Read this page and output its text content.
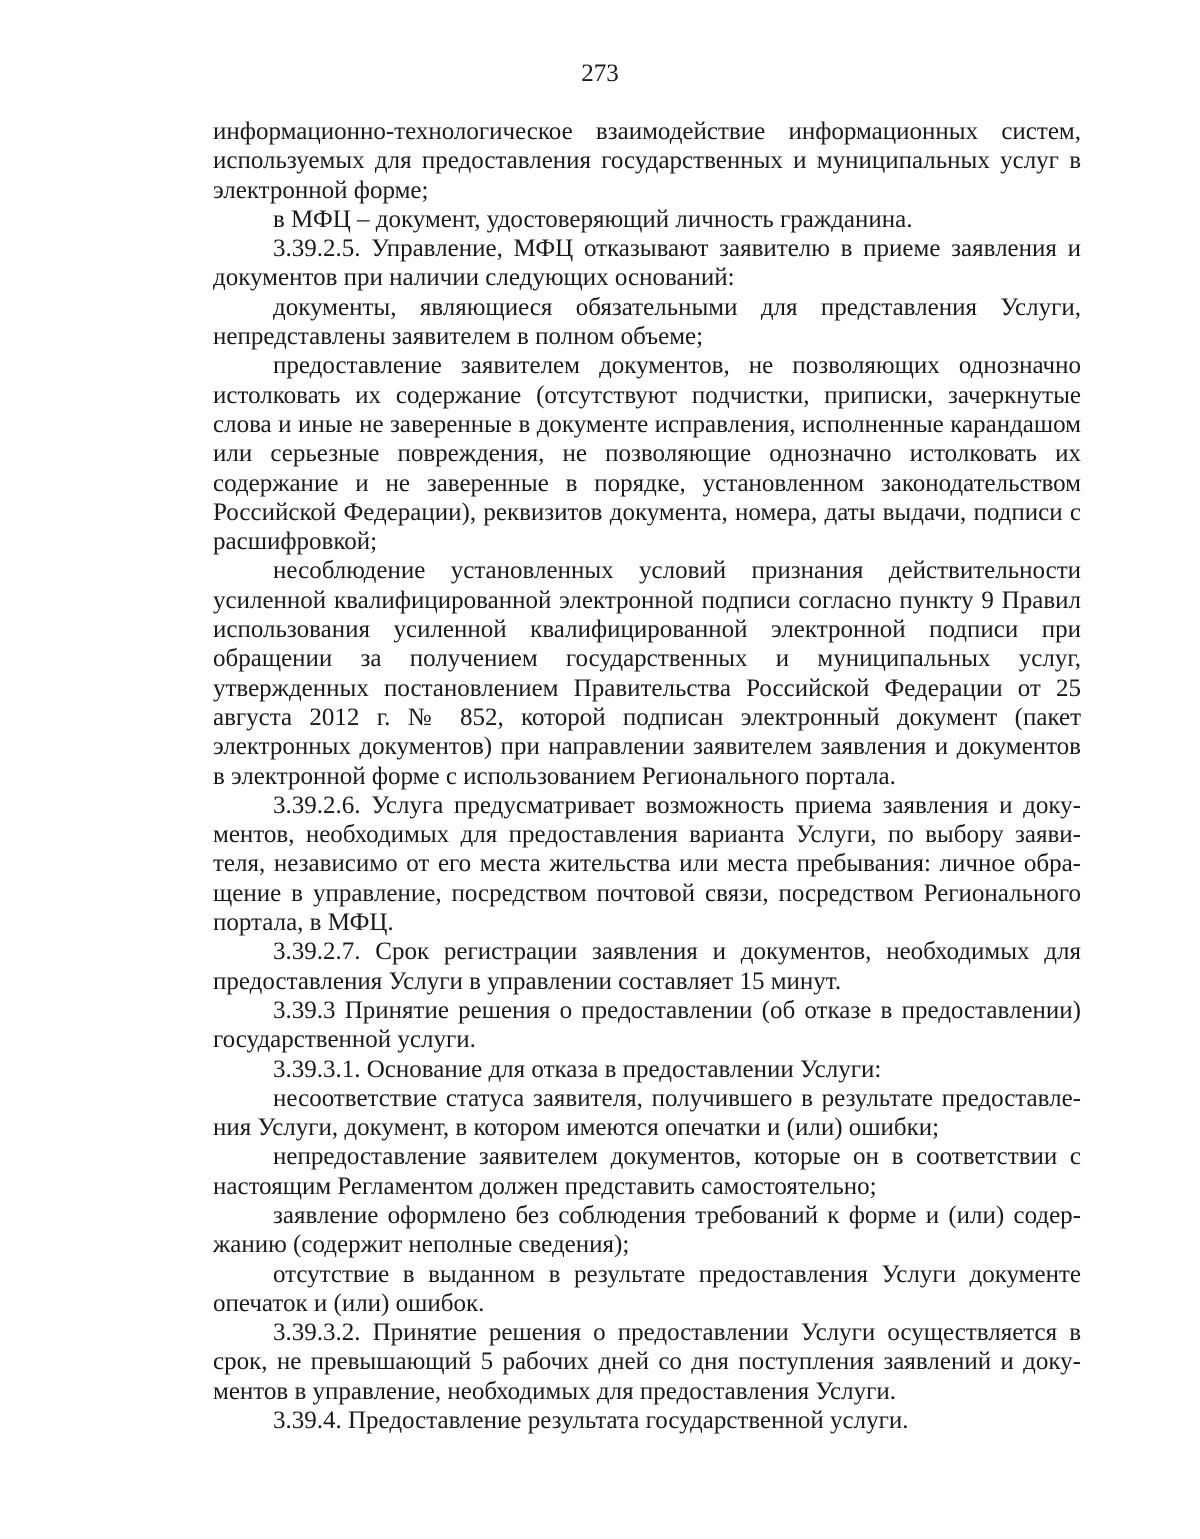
273

информационно-технологическое взаимодействие информационных систем, используемых для предоставления государственных и муниципальных услуг в электронной форме;

в МФЦ – документ, удостоверяющий личность гражданина.

3.39.2.5. Управление, МФЦ отказывают заявителю в приеме заявления и документов при наличии следующих оснований:

документы, являющиеся обязательными для представления Услуги, непредставлены заявителем в полном объеме;

предоставление заявителем документов, не позволяющих однозначно истолковать их содержание (отсутствуют подчистки, приписки, зачеркнутые слова и иные не заверенные в документе исправления, исполненные карандашом или серьезные повреждения, не позволяющие однозначно истолковать их содержание и не заверенные в порядке, установленном законодательством Российской Федерации), реквизитов документа, номера, даты выдачи, подписи с расшифровкой;

несоблюдение установленных условий признания действительности усиленной квалифицированной электронной подписи согласно пункту 9 Правил использования усиленной квалифицированной электронной подписи при обращении за получением государственных и муниципальных услуг, утвержденных постановлением Правительства Российской Федерации от 25 августа 2012 г. № 852, которой подписан электронный документ (пакет электронных документов) при направлении заявителем заявления и документов в электронной форме с использованием Регионального портала.

3.39.2.6. Услуга предусматривает возможность приема заявления и документов, необходимых для предоставления варианта Услуги, по выбору заявителя, независимо от его места жительства или места пребывания: личное обращение в управление, посредством почтовой связи, посредством Регионального портала, в МФЦ.

3.39.2.7. Срок регистрации заявления и документов, необходимых для предоставления Услуги в управлении составляет 15 минут.

3.39.3 Принятие решения о предоставлении (об отказе в предоставлении) государственной услуги.

3.39.3.1. Основание для отказа в предоставлении Услуги:

несоответствие статуса заявителя, получившего в результате предоставления Услуги, документ, в котором имеются опечатки и (или) ошибки;

непредоставление заявителем документов, которые он в соответствии с настоящим Регламентом должен представить самостоятельно;

заявление оформлено без соблюдения требований к форме и (или) содержанию (содержит неполные сведения);

отсутствие в выданном в результате предоставления Услуги документе опечаток и (или) ошибок.

3.39.3.2. Принятие решения о предоставлении Услуги осуществляется в срок, не превышающий 5 рабочих дней со дня поступления заявлений и документов в управление, необходимых для предоставления Услуги.

3.39.4. Предоставление результата государственной услуги.
